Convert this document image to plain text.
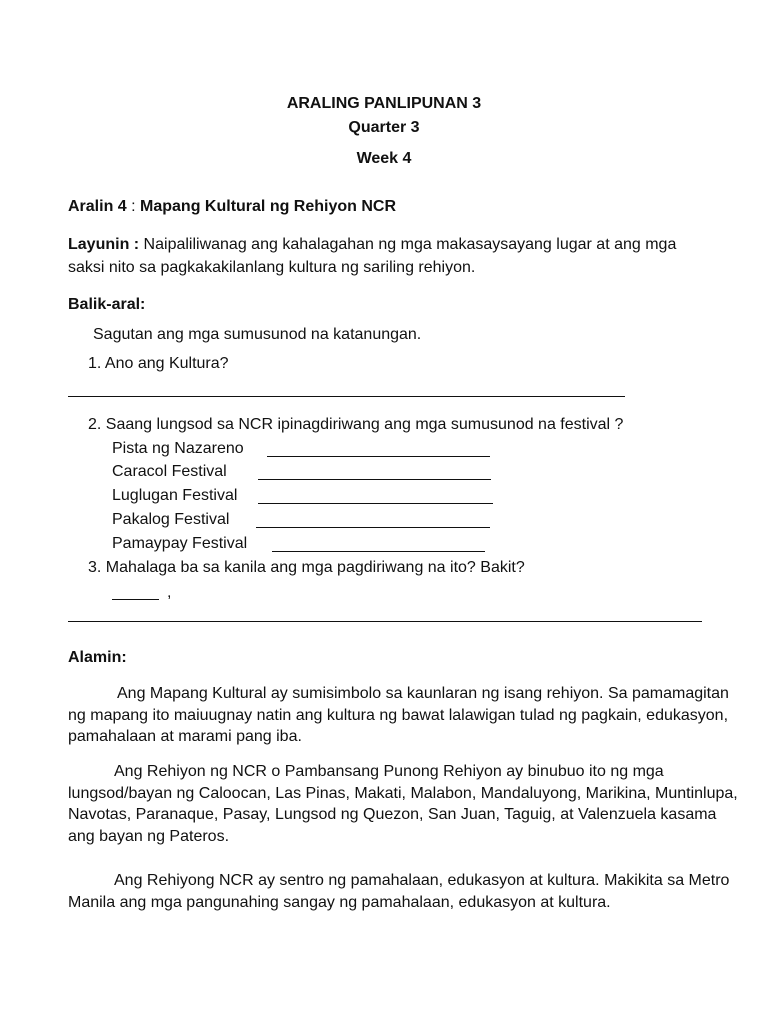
ARALING PANLIPUNAN 3
Quarter 3
Week 4
Aralin 4 : Mapang Kultural ng Rehiyon NCR
Layunin : Naipaliliwanag ang kahalagahan ng mga makasaysayang lugar at ang mga
saksi nito sa pagkakakilanlang kultura ng sariling rehiyon.
Balik-aral:
Sagutan ang mga sumusunod na katanungan.
1. Ano ang Kultura?
2. Saang lungsod sa NCR ipinagdiriwang ang mga sumusunod na festival ?
Pista ng Nazareno
Caracol Festival
Luglugan Festival
Pakalog Festival
Pamaypay Festival
3. Mahalaga ba sa kanila ang mga pagdiriwang na ito? Bakit?
,
Alamin:
Ang Mapang Kultural ay sumisimbolo sa kaunlaran ng isang rehiyon. Sa pamamagitan ng mapang ito maiuugnay natin ang kultura ng bawat lalawigan tulad ng pagkain, edukasyon, pamahalaan at marami pang iba.
Ang Rehiyon ng NCR o Pambansang Punong Rehiyon ay binubuo ito ng mga lungsod/bayan ng Caloocan, Las Pinas, Makati, Malabon, Mandaluyong, Marikina, Muntinlupa, Navotas, Paranaque, Pasay, Lungsod ng Quezon, San Juan, Taguig, at Valenzuela kasama ang bayan ng Pateros.
Ang Rehiyong NCR ay sentro ng pamahalaan, edukasyon at kultura. Makikita sa Metro Manila ang mga pangunahing sangay ng pamahalaan, edukasyon at kultura.
